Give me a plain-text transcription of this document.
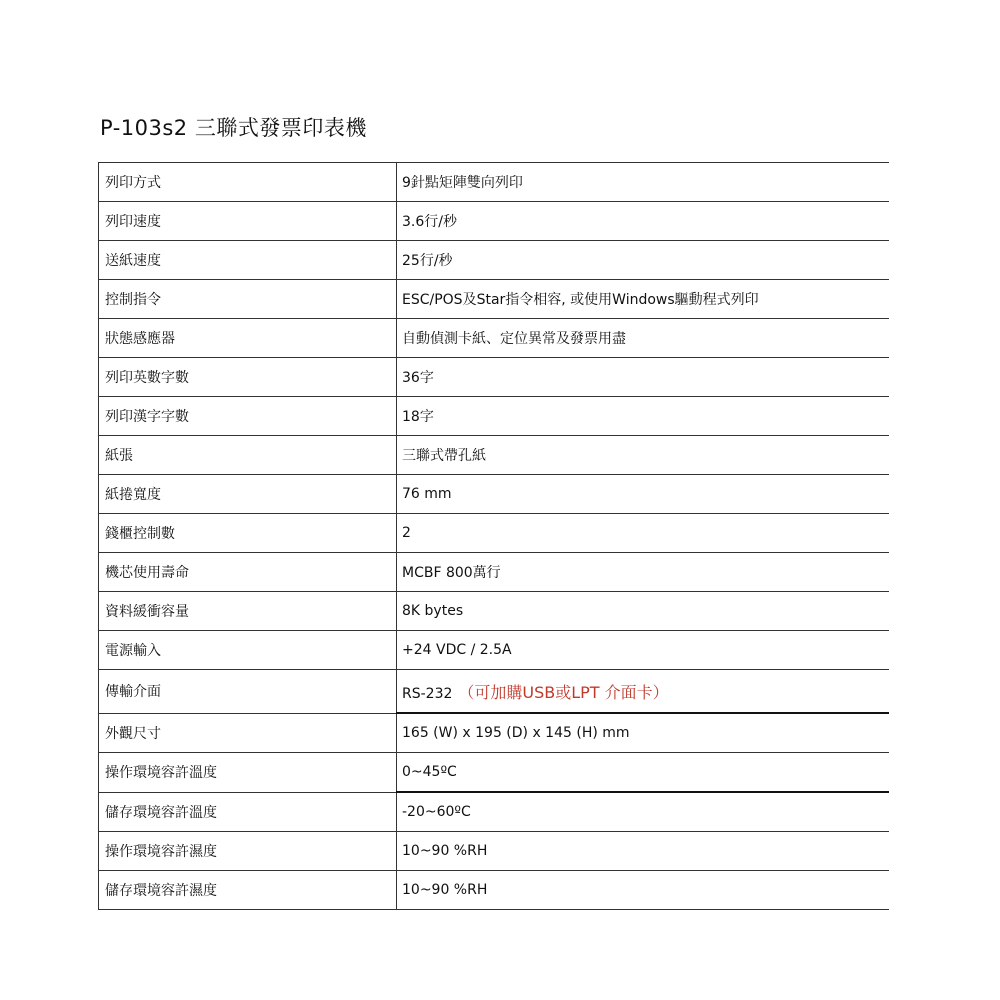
P-103s2 三聯式發票印表機
列印方式	9針點矩陣雙向列印
列印速度	3.6行/秒
送紙速度	25行/秒
控制指令	ESC/POS及Star指令相容, 或使用Windows驅動程式列印
狀態感應器	自動偵測卡紙、定位異常及發票用盡
列印英數字數	36字
列印漢字字數	18字
紙張	三聯式帶孔紙
紙捲寬度	76 mm
錢櫃控制數	2
機芯使用壽命	MCBF 800萬行
資料緩衝容量	8K bytes
電源輸入	+24 VDC / 2.5A
傳輸介面	RS-232 （可加購USB或LPT 介面卡）
外觀尺寸	165 (W) x 195 (D) x 145 (H) mm
操作環境容許溫度	0~45ºC
儲存環境容許溫度	-20~60ºC
操作環境容許濕度	10~90 %RH
儲存環境容許濕度	10~90 %RH
